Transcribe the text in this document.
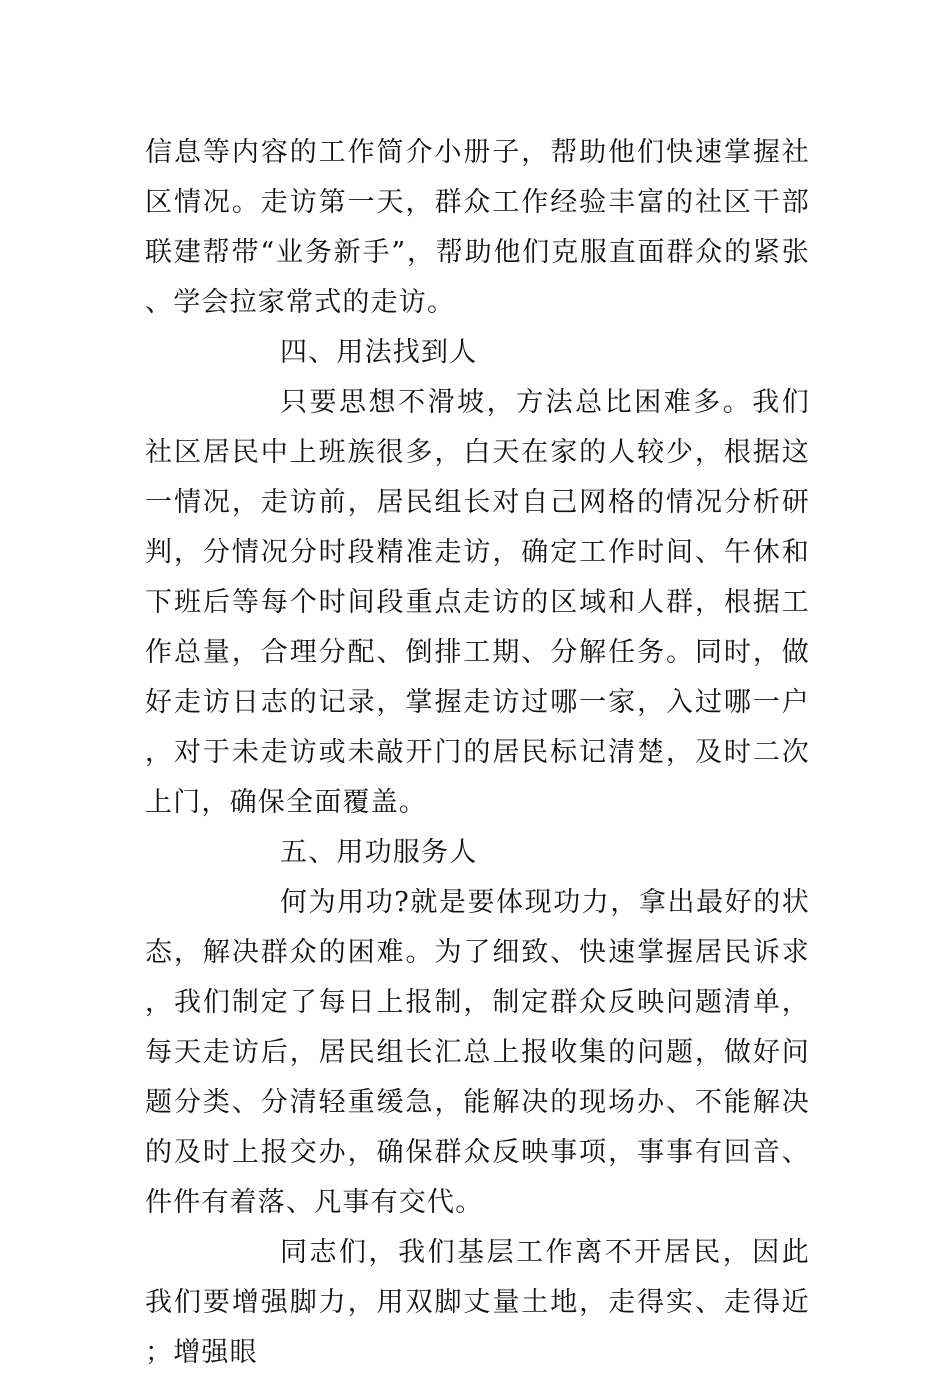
信息等内容的工作简介小册子，帮助他们快速掌握社区情况。走访第一天，群众工作经验丰富的社区干部联建帮带“业务新手”，帮助他们克服直面群众的紧张、学会拉家常式的走访。

四、用法找到人

只要思想不滑坡，方法总比困难多。我们社区居民中上班族很多，白天在家的人较少，根据这一情况，走访前，居民组长对自己网格的情况分析研判，分情况分时段精准走访，确定工作时间、午休和下班后等每个时间段重点走访的区域和人群，根据工作总量，合理分配、倒排工期、分解任务。同时，做好走访日志的记录，掌握走访过哪一家，入过哪一户，对于未走访或未敲开门的居民标记清楚，及时二次上门，确保全面覆盖。

五、用功服务人

何为用功?就是要体现功力，拿出最好的状态，解决群众的困难。为了细致、快速掌握居民诉求，我们制定了每日上报制，制定群众反映问题清单，每天走访后，居民组长汇总上报收集的问题，做好问题分类、分清轻重缓急，能解决的现场办、不能解决的及时上报交办，确保群众反映事项，事事有回音、件件有着落、凡事有交代。

同志们，我们基层工作离不开居民，因此我们要增强脚力，用双脚丈量土地，走得实、走得近；增强眼
